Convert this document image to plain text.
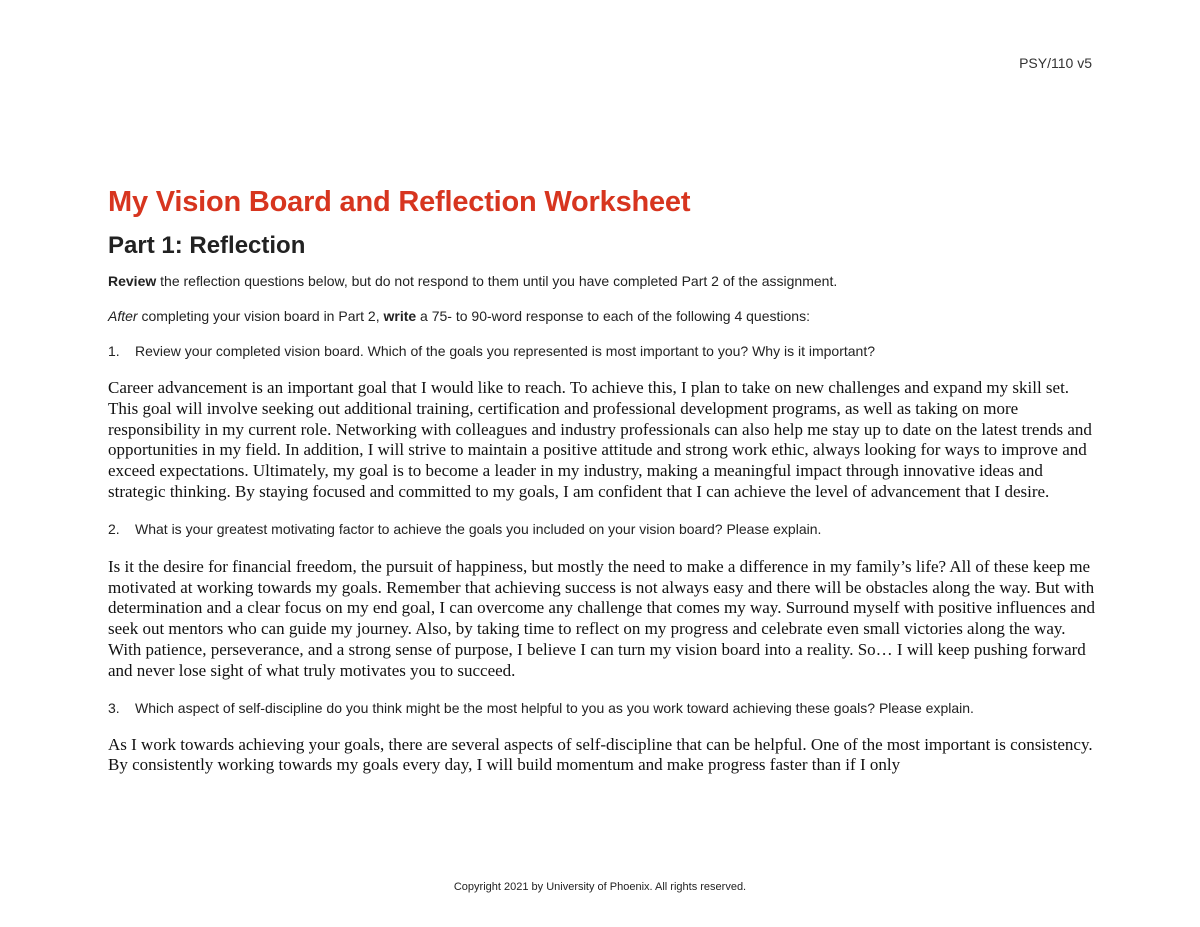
PSY/110 v5
My Vision Board and Reflection Worksheet
Part 1: Reflection

Review the reflection questions below, but do not respond to them until you have completed Part 2 of the assignment.

After completing your vision board in Part 2, write a 75- to 90-word response to each of the following 4 questions:

1.	Review your completed vision board. Which of the goals you represented is most important to you? Why is it important?

Career advancement is an important goal that I would like to reach. To achieve this, I plan to take on new challenges and expand my skill set. This goal will involve seeking out additional training, certification and professional development programs, as well as taking on more responsibility in my current role. Networking with colleagues and industry professionals can also help me stay up to date on the latest trends and opportunities in my field. In addition, I will strive to maintain a positive attitude and strong work ethic, always looking for ways to improve and exceed expectations. Ultimately, my goal is to become a leader in my industry, making a meaningful impact through innovative ideas and strategic thinking. By staying focused and committed to my goals, I am confident that I can achieve the level of advancement that I desire.

2.	What is your greatest motivating factor to achieve the goals you included on your vision board? Please explain.

Is it the desire for financial freedom, the pursuit of happiness, but mostly the need to make a difference in my family’s life? All of these keep me motivated at working towards my goals. Remember that achieving success is not always easy and there will be obstacles along the way. But with determination and a clear focus on my end goal, I can overcome any challenge that comes my way. Surround myself with positive influences and seek out mentors who can guide my journey. Also, by taking time to reflect on my progress and celebrate even small victories along the way. With patience, perseverance, and a strong sense of purpose, I believe I can turn my vision board into a reality. So… I will keep pushing forward and never lose sight of what truly motivates you to succeed.

3.	Which aspect of self-discipline do you think might be the most helpful to you as you work toward achieving these goals? Please explain.

As I work towards achieving your goals, there are several aspects of self-discipline that can be helpful. One of the most important is consistency. By consistently working towards my goals every day, I will build momentum and make progress faster than if I only

Copyright 2021 by University of Phoenix. All rights reserved.
